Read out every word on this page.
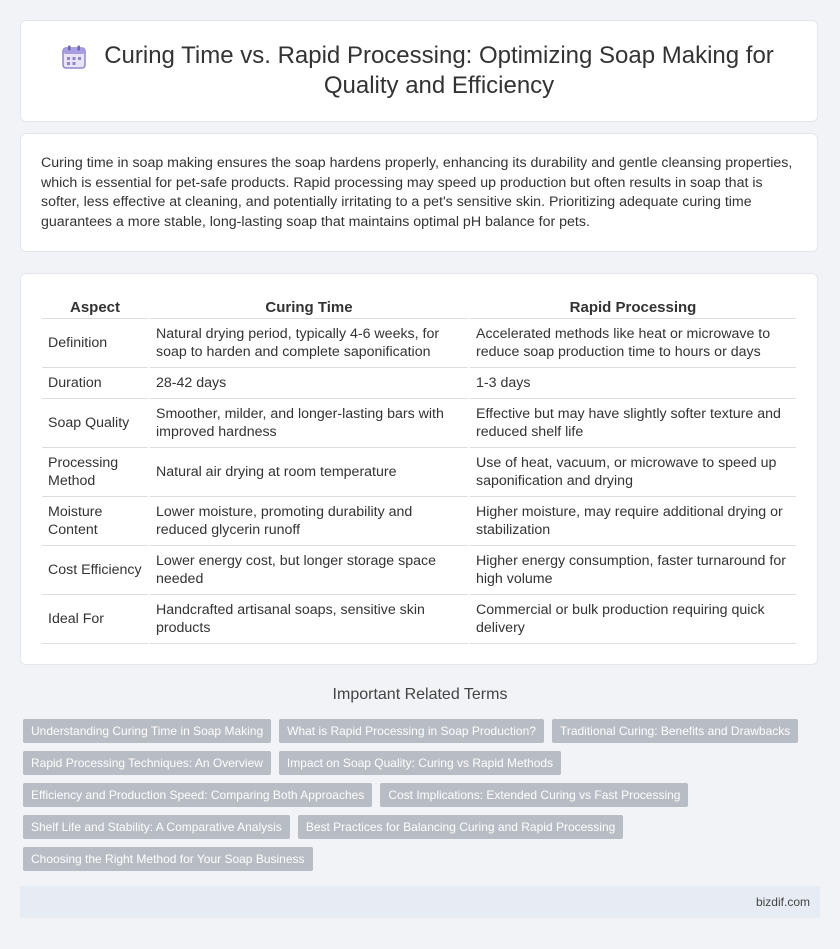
Curing Time vs. Rapid Processing: Optimizing Soap Making for Quality and Efficiency

Curing time in soap making ensures the soap hardens properly, enhancing its durability and gentle cleansing properties, which is essential for pet-safe products. Rapid processing may speed up production but often results in soap that is softer, less effective at cleaning, and potentially irritating to a pet's sensitive skin. Prioritizing adequate curing time guarantees a more stable, long-lasting soap that maintains optimal pH balance for pets.

Aspect	Curing Time	Rapid Processing
Definition	Natural drying period, typically 4-6 weeks, for soap to harden and complete saponification	Accelerated methods like heat or microwave to reduce soap production time to hours or days
Duration	28-42 days	1-3 days
Soap Quality	Smoother, milder, and longer-lasting bars with improved hardness	Effective but may have slightly softer texture and reduced shelf life
Processing Method	Natural air drying at room temperature	Use of heat, vacuum, or microwave to speed up saponification and drying
Moisture Content	Lower moisture, promoting durability and reduced glycerin runoff	Higher moisture, may require additional drying or stabilization
Cost Efficiency	Lower energy cost, but longer storage space needed	Higher energy consumption, faster turnaround for high volume
Ideal For	Handcrafted artisanal soaps, sensitive skin products	Commercial or bulk production requiring quick delivery
Important Related Terms
Understanding Curing Time in Soap Making	What is Rapid Processing in Soap Production?	Traditional Curing: Benefits and Drawbacks
Rapid Processing Techniques: An Overview	Impact on Soap Quality: Curing vs Rapid Methods
Efficiency and Production Speed: Comparing Both Approaches	Cost Implications: Extended Curing vs Fast Processing
Shelf Life and Stability: A Comparative Analysis	Best Practices for Balancing Curing and Rapid Processing
Choosing the Right Method for Your Soap Business
bizdif.com
